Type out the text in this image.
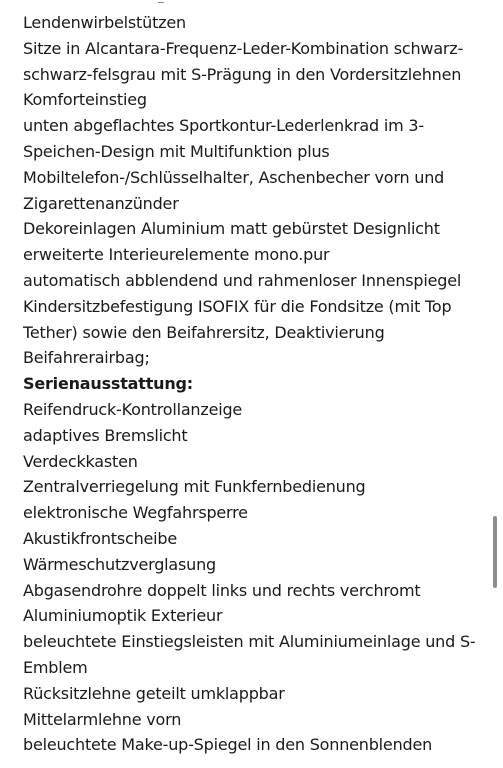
Lendenwirbelstützen
Sitze in Alcantara-Frequenz-Leder-Kombination schwarz-
schwarz-felsgrau mit S-Prägung in den Vordersitzlehnen
Komforteinstieg
unten abgeflachtes Sportkontur-Lederlenkrad im 3-
Speichen-Design mit Multifunktion plus
Mobiltelefon-/Schlüsselhalter, Aschenbecher vorn und
Zigarettenanzünder
Dekoreinlagen Aluminium matt gebürstet Designlicht
erweiterte Interieurelemente mono.pur
automatisch abblendend und rahmenloser Innenspiegel
Kindersitzbefestigung ISOFIX für die Fondsitze (mit Top
Tether) sowie den Beifahrersitz, Deaktivierung
Beifahrerairbag;
Serienausstattung:
Reifendruck-Kontrollanzeige
adaptives Bremslicht
Verdeckkasten
Zentralverriegelung mit Funkfernbedienung
elektronische Wegfahrsperre
Akustikfrontscheibe
Wärmeschutzverglasung
Abgasendrohre doppelt links und rechts verchromt
Aluminiumoptik Exterieur
beleuchtete Einstiegsleisten mit Aluminiumeinlage und S-
Emblem
Rücksitzlehne geteilt umklappbar
Mittelarmlehne vorn
beleuchtete Make-up-Spiegel in den Sonnenblenden
